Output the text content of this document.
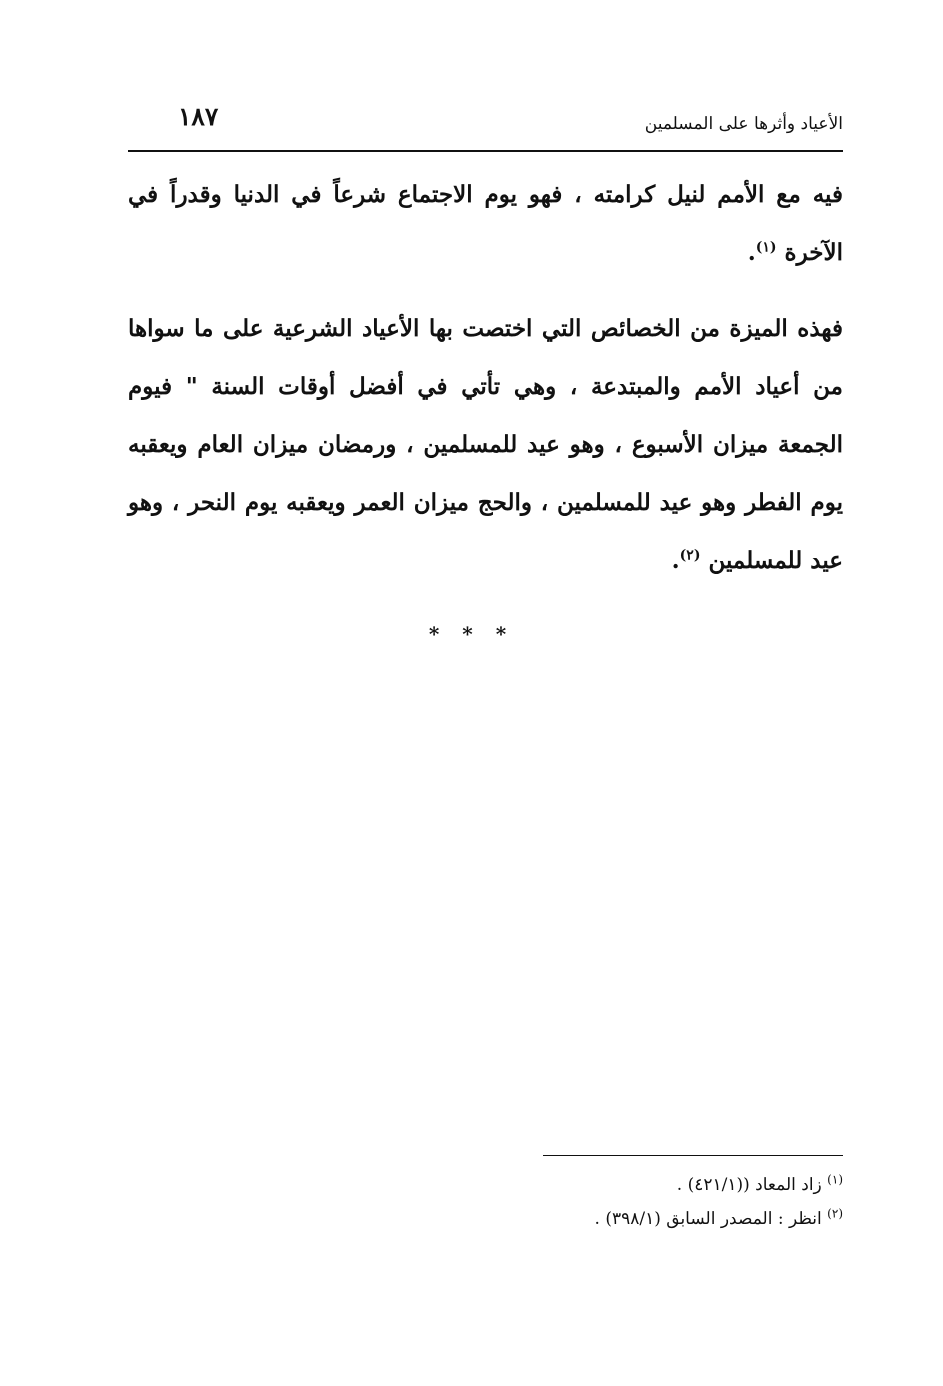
الأعياد وأثرها على المسلمين
١٨٧

فيه مع الأمم لنيل كرامته ، فهو يوم الاجتماع شرعاً في الدنيا وقدراً في الآخرة $^{(١)}$.

فهذه الميزة من الخصائص التي اختصت بها الأعياد الشرعية على ما سواها من أعياد الأمم والمبتدعة ، وهي تأتي في أفضل أوقات السنة " فيوم الجمعة ميزان الأسبوع ، وهو عيد للمسلمين ، ورمضان ميزان العام ويعقبه يوم الفطر وهو عيد للمسلمين ، والحج ميزان العمر ويعقبه يوم النحر ، وهو عيد للمسلمين $^{(٢)}$.

* * *

$^{(١)}$ زاد المعاد ((٤٢١/١) .

$^{(٢)}$ انظر : المصدر السابق (٣٩٨/١) .
